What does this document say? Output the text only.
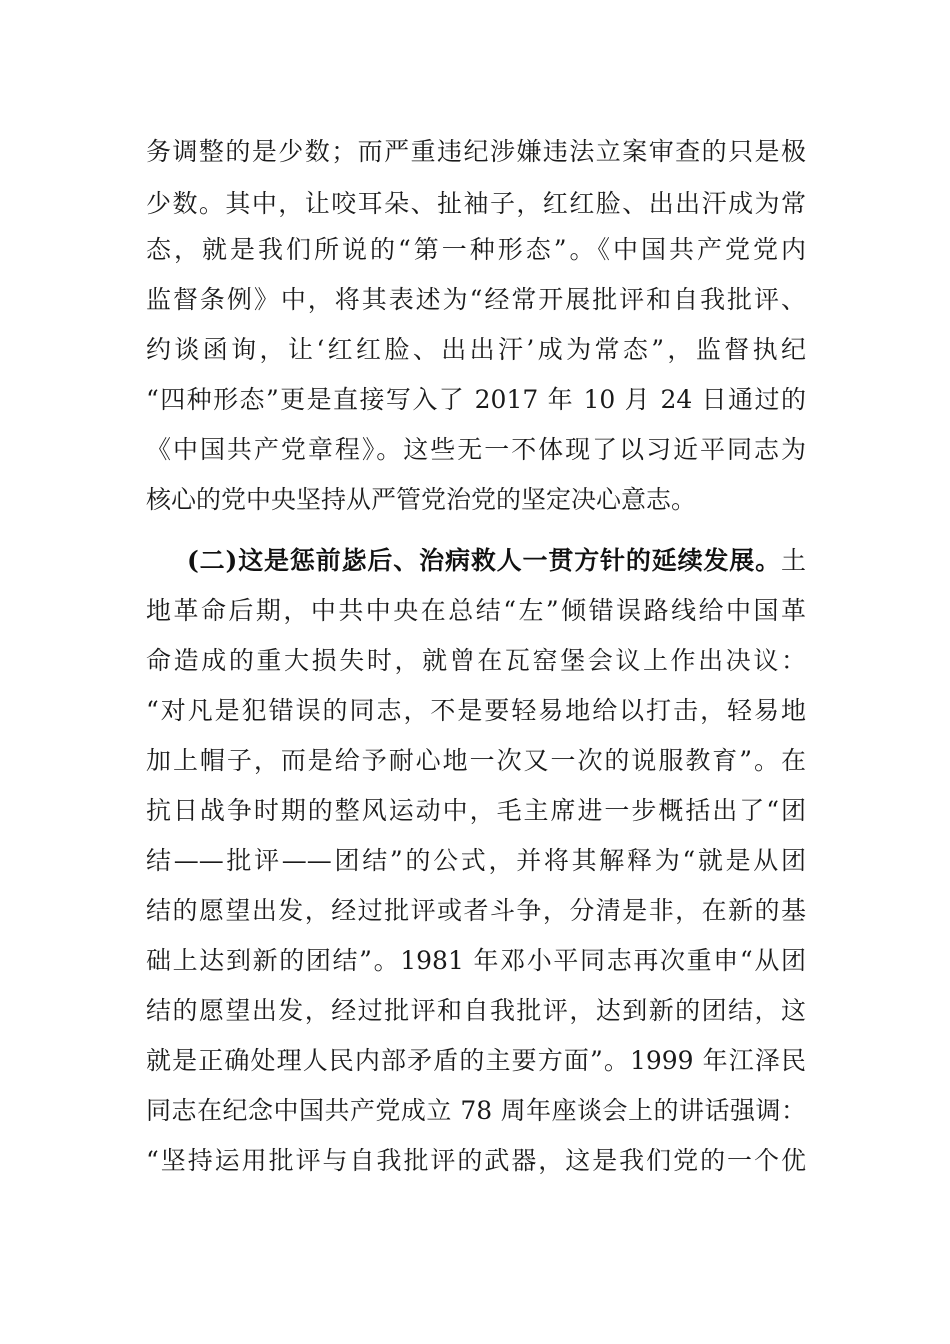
务调整的是少数；而严重违纪涉嫌违法立案审查的只是极

少数。其中，让咬耳朵、扯袖子，红红脸、出出汗成为常

态，就是我们所说的“第一种形态”。《中国共产党党内

监督条例》中，将其表述为“经常开展批评和自我批评、

约谈函询，让‘红红脸、出出汗’成为常态”，监督执纪

“四种形态”更是直接写入了 2017 年 10 月 24 日通过的

《中国共产党章程》。这些无一不体现了以习近平同志为

核心的党中央坚持从严管党治党的坚定决心意志。

(二)这是惩前毖后、治病救人一贯方针的延续发展。土

地革命后期，中共中央在总结“左”倾错误路线给中国革

命造成的重大损失时，就曾在瓦窑堡会议上作出决议：

“对凡是犯错误的同志，不是要轻易地给以打击，轻易地

加上帽子，而是给予耐心地一次又一次的说服教育”。在

抗日战争时期的整风运动中，毛主席进一步概括出了“团

结——批评——团结”的公式，并将其解释为“就是从团

结的愿望出发，经过批评或者斗争，分清是非，在新的基

础上达到新的团结”。1981 年邓小平同志再次重申“从团

结的愿望出发，经过批评和自我批评，达到新的团结，这

就是正确处理人民内部矛盾的主要方面”。1999 年江泽民

同志在纪念中国共产党成立 78 周年座谈会上的讲话强调：

“坚持运用批评与自我批评的武器，这是我们党的一个优
